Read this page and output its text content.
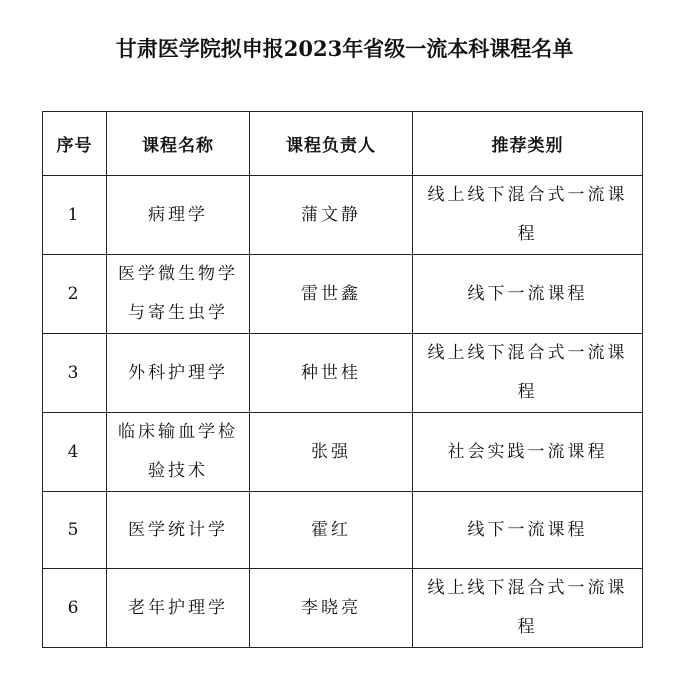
甘肃医学院拟申报2023年省级一流本科课程名单
序号	课程名称	课程负责人	推荐类别
1	病理学	蒲文静	线上线下混合式一流课程
2	医学微生物学与寄生虫学	雷世鑫	线下一流课程
3	外科护理学	种世桂	线上线下混合式一流课程
4	临床输血学检验技术	张强	社会实践一流课程
5	医学统计学	霍红	线下一流课程
6	老年护理学	李晓亮	线上线下混合式一流课程
